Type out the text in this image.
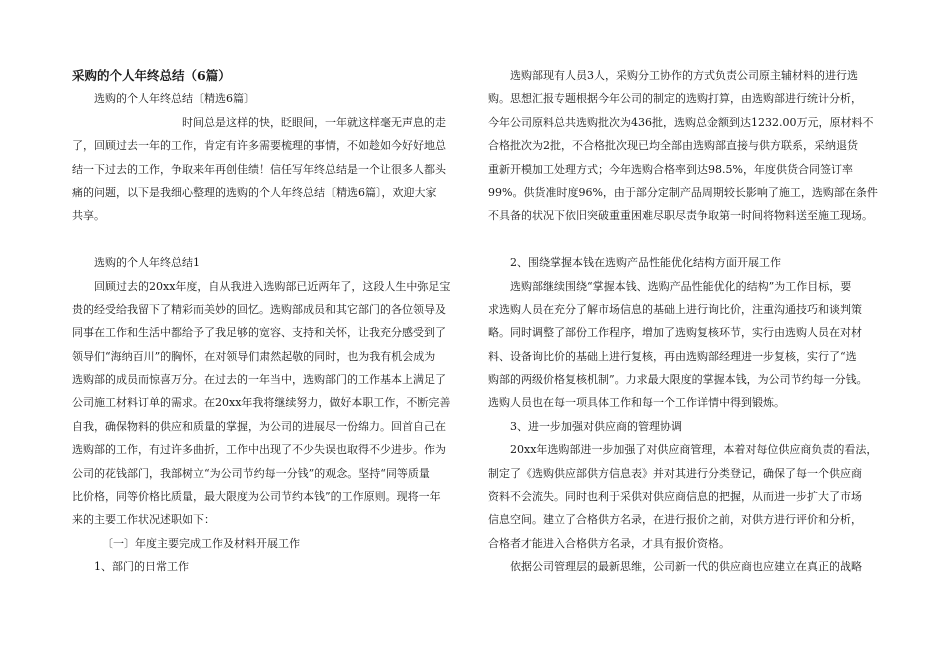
采购的个人年终总结（6篇）
选购的个人年终总结〔精选6篇〕
时间总是这样的快，眨眼间，一年就这样毫无声息的走
了，回顾过去一年的工作，肯定有许多需要梳理的事情，不如趁如今好好地总
结一下过去的工作，争取来年再创佳绩！信任写年终总结是一个让很多人都头
痛的问题，以下是我细心整理的选购的个人年终总结〔精选6篇〕，欢迎大家
共享。
选购的个人年终总结1
回顾过去的20xx年度，自从我进入选购部已近两年了，这段人生中弥足宝
贵的经受给我留下了精彩而美妙的回忆。选购部成员和其它部门的各位领导及
同事在工作和生活中都给予了我足够的宽容、支持和关怀，让我充分感受到了
领导们“海纳百川”的胸怀，在对领导们肃然起敬的同时，也为我有机会成为
选购部的成员而惊喜万分。在过去的一年当中，选购部门的工作基本上满足了
公司施工材料订单的需求。在20xx年我将继续努力，做好本职工作，不断完善
自我，确保物料的供应和质量的掌握，为公司的进展尽一份绵力。回首自己在
选购部的工作，有过许多曲折，工作中出现了不少失误也取得不少进步。作为
公司的花钱部门，我部树立“为公司节约每一分钱”的观念。坚持“同等质量
比价格，同等价格比质量，最大限度为公司节约本钱”的工作原则。现将一年
来的主要工作状况述职如下：
〔一〕年度主要完成工作及材料开展工作
1、部门的日常工作
选购部现有人员3人，采购分工协作的方式负责公司原主辅材料的进行选
购。思想汇报专题根据今年公司的制定的选购打算，由选购部进行统计分析，
今年公司原料总共选购批次为436批，选购总金额到达1232.00万元，原材料不
合格批次为2批，不合格批次现已均全部由选购部直接与供方联系，采纳退货
重新开模加工处理方式；今年选购合格率到达98.5%，年度供货合同签订率
99%。供货准时度96%，由于部分定制产品周期较长影响了施工，选购部在条件
不具备的状况下依旧突破重重困难尽职尽责争取第一时间将物料送至施工现场。
2、围绕掌握本钱在选购产品性能优化结构方面开展工作
选购部继续围绕“掌握本钱、选购产品性能优化的结构”为工作目标，要
求选购人员在充分了解市场信息的基础上进行询比价，注重沟通技巧和谈判策
略。同时调整了部份工作程序，增加了选购复核环节，实行由选购人员在对材
料、设备询比价的基础上进行复核，再由选购部经理进一步复核，实行了“选
购部的两级价格复核机制”。力求最大限度的掌握本钱，为公司节约每一分钱。
选购人员也在每一项具体工作和每一个工作详情中得到锻炼。
3、进一步加强对供应商的管理协调
20xx年选购部进一步加强了对供应商管理，本着对每位供应商负责的看法，
制定了《选购供应部供方信息表》并对其进行分类登记，确保了每一个供应商
资料不会流失。同时也利于采供对供应商信息的把握，从而进一步扩大了市场
信息空间。建立了合格供方名录，在进行报价之前，对供方进行评价和分析，
合格者才能进入合格供方名录，才具有报价资格。
依据公司管理层的最新思维，公司新一代的供应商也应建立在真正的战略
